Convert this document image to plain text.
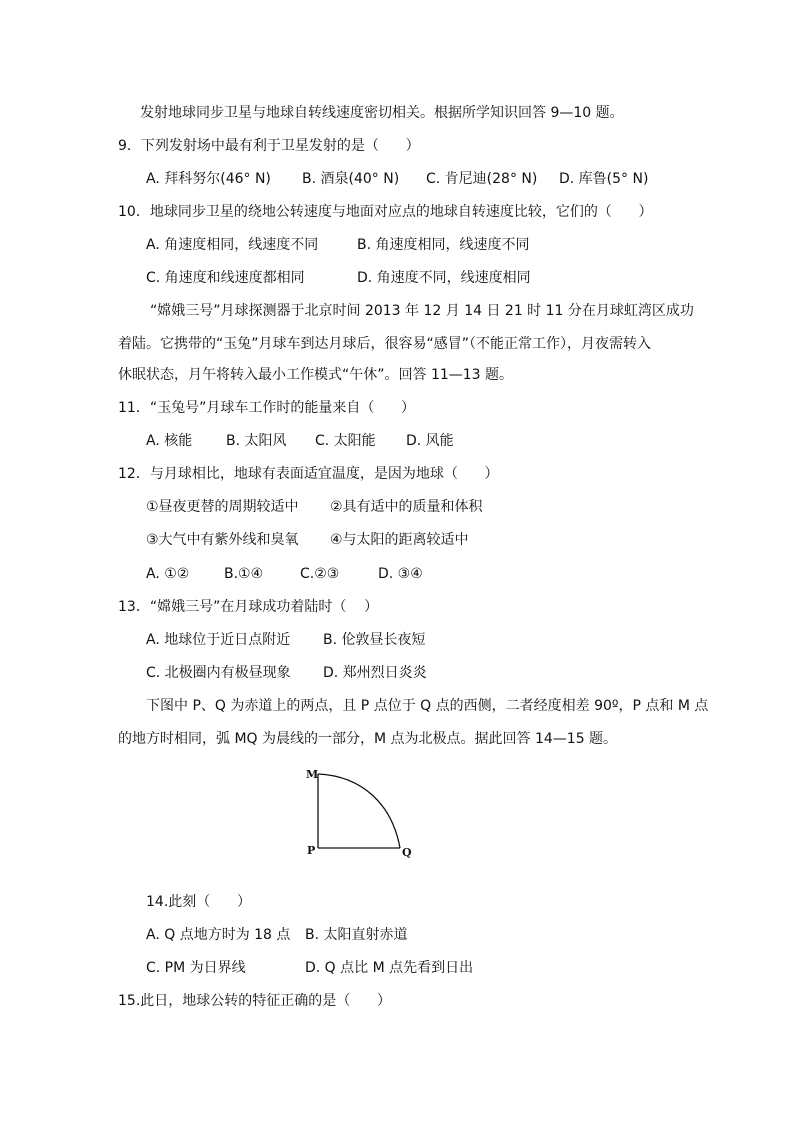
发射地球同步卫星与地球自转线速度密切相关。根据所学知识回答 9—10 题。
9．下列发射场中最有利于卫星发射的是（      ）
A. 拜科努尔(46° N) B. 酒泉(40° N) C. 肯尼迪(28° N) D. 库鲁(5° N)
10．地球同步卫星的绕地公转速度与地面对应点的地球自转速度比较，它们的（      ）
A. 角速度相同，线速度不同	B. 角速度相同，线速度不同
C. 角速度和线速度都相同	D. 角速度不同，线速度相同
“嫦娥三号”月球探测器于北京时间 2013 年 12 月 14 日 21 时 11 分在月球虹湾区成功
着陆。它携带的“玉兔”月球车到达月球后，很容易“感冒”（不能正常工作），月夜需转入
休眠状态，月午将转入最小工作模式“午休”。回答 11—13 题。
11．“玉兔号”月球车工作时的能量来自（      ）
A. 核能 B. 太阳风 C. 太阳能 D. 风能
12．与月球相比，地球有表面适宜温度，是因为地球（      ）
①昼夜更替的周期较适中 ②具有适中的质量和体积
③大气中有紫外线和臭氧 ④与太阳的距离较适中
A. ①② B.①④	C.②③	D. ③④
13．“嫦娥三号”在月球成功着陆时（    ）
A. 地球位于近日点附近 B. 伦敦昼长夜短
C. 北极圈内有极昼现象 D. 郑州烈日炎炎
下图中 P、Q 为赤道上的两点，且 P 点位于 Q 点的西侧，二者经度相差 90º，P 点和 M 点
的地方时相同，弧 MQ 为晨线的一部分，M 点为北极点。据此回答 14—15 题。
M
P	Q
14.此刻（      ）
A. Q 点地方时为 18 点 B. 太阳直射赤道
C. PM 为日界线	D. Q 点比 M 点先看到日出
15.此日，地球公转的特征正确的是（      ）
